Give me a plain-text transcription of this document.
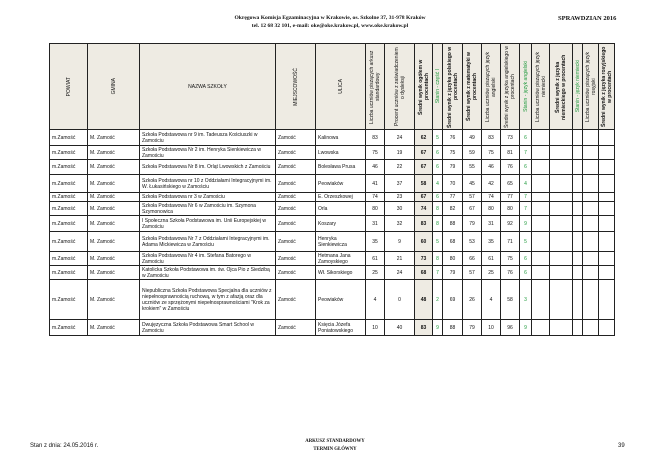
Okręgowa Komisja Egzaminacyjna w Krakowie, os. Szkolne 37, 31-978 Kraków
tel. 12 68 32 101, e-mail: oke@oke.krakow.pl, www.oke.krakow.pl
SPRAWDZIAN 2016
POWIAT	GMINA	NAZWA SZKOŁY	MIEJSCOWOŚĆ	ULICA	Liczba uczniów piszących arkusz standardowy	Procent uczniów z zaświadczeniem o dysleksji	Średni wynik ogółem w procentach	Stanin - część I	Średni wynik z języka polskiego w procentach	Średni wynik z matematyki w procentach	Liczba uczniów piszących język angielski	Średni wynik z języka angielskiego w procentach	Stanin - język angielski	Liczba uczniów piszących język niemiecki	Średni wynik z języka niemieckiego w procentach	Stanin - język niemiecki	Liczba uczniów piszących język rosyjski	Średni wynik z języka rosyjskiego w procentach

m.Zamość	M. Zamość	Szkoła Podstawowa nr 9 im. Tadeusza Kościuszki w Zamościu	Zamość	Kalinowa	83	24	62	5	76	49	83	73	6					
m.Zamość	M. Zamość	Szkoła Podstawowa Nr 2 im. Henryka Sienkiewicza w Zamościu	Zamość	Lwowska	75	19	67	6	75	59	75	81	7					
m.Zamość	M. Zamość	Szkoła Podstawowa Nr 8 im. Orląt Lwowskich z Zamościu	Zamość	Bolesława Prusa	46	22	67	6	79	55	46	76	6					
m.Zamość	M. Zamość	Szkoła Podstawowa nr 10 z Oddziałami Integracyjnymi im. W. Łukasińskiego w Zamościu	Zamość	Peowiaków	41	37	58	4	70	45	42	65	4					
m.Zamość	M. Zamość	Szkoła Podstawowa nr 3 w Zamościu	Zamość	E. Orzeszkowej	74	23	67	6	77	57	74	77	7					
m.Zamość	M. Zamość	Szkoła Podstawowa Nr 6 w Zamościu im. Szymona Szymonowica	Zamość	Orla	80	30	74	8	82	67	80	80	7					
m.Zamość	M. Zamość	I Społeczna Szkoła Podstawowa im. Unii Europejskiej w Zamościu	Zamość	Koszary	31	32	83	8	88	79	31	92	9					
m.Zamość	M. Zamość	Szkoła Podstawowa Nr 7 z Oddziałami Integracyjnymi im. Adama Mickiewicza w Zamościu	Zamość	Henryka Sienkiewicza	35	9	60	5	68	53	35	71	5					
m.Zamość	M. Zamość	Szkoła Podstawowa Nr 4 im. Stefana Batorego w Zamościu	Zamość	Hetmana Jana Zamoyskiego	61	21	73	8	80	66	61	75	6					
m.Zamość	M. Zamość	Katolicka Szkoła Podstawowa im. św. Ojca Pio z Siedzibą w Zamościu	Zamość	Wł. Sikorskiego	25	24	68	7	79	57	25	76	6					
m.Zamość	M. Zamość	Niepubliczna Szkoła Podstawowa Specjalna dla uczniów z niepełnosprawnością ruchową, w tym z afazją oraz dla uczniów ze sprzężonymi niepełnosprawnościami "Krok za krokiem" w Zamościu	Zamość	Peowiaków	4	0	48	2	69	26	4	58	3					
m.Zamość	M. Zamość	Dwujęzyczna Szkoła Podstawowa Smart School w Zamościu	Zamość	Księcia Józefa Poniatowskiego	10	40	83	9	88	79	10	96	9					
Stan z dnia: 24.05.2016 r.
ARKUSZ STANDARDOWY
TERMIN GŁÓWNY
39
